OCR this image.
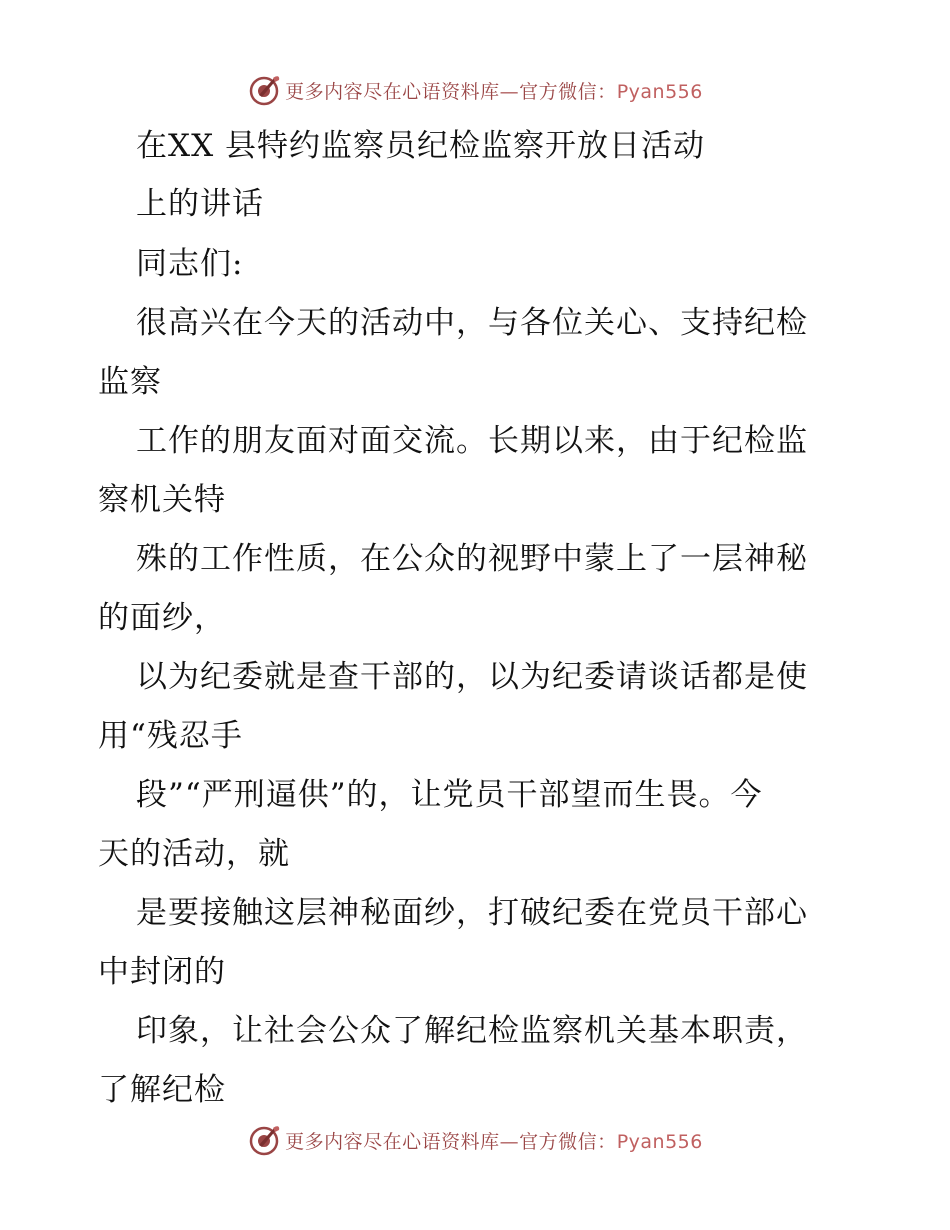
更多内容尽在心语资料库—官方微信：Pyan556
在XX 县特约监察员纪检监察开放日活动
上的讲话
同志们:
很高兴在今天的活动中，与各位关心、支持纪检
监察
工作的朋友面对面交流。长期以来，由于纪检监
察机关特
殊的工作性质，在公众的视野中蒙上了一层神秘
的面纱，
以为纪委就是查干部的，以为纪委请谈话都是使
用“残忍手
段”“严刑逼供”的，让党员干部望而生畏。今
天的活动，就
是要接触这层神秘面纱，打破纪委在党员干部心
中封闭的
印象，让社会公众了解纪检监察机关基本职责，
了解纪检
更多内容尽在心语资料库—官方微信：Pyan556
